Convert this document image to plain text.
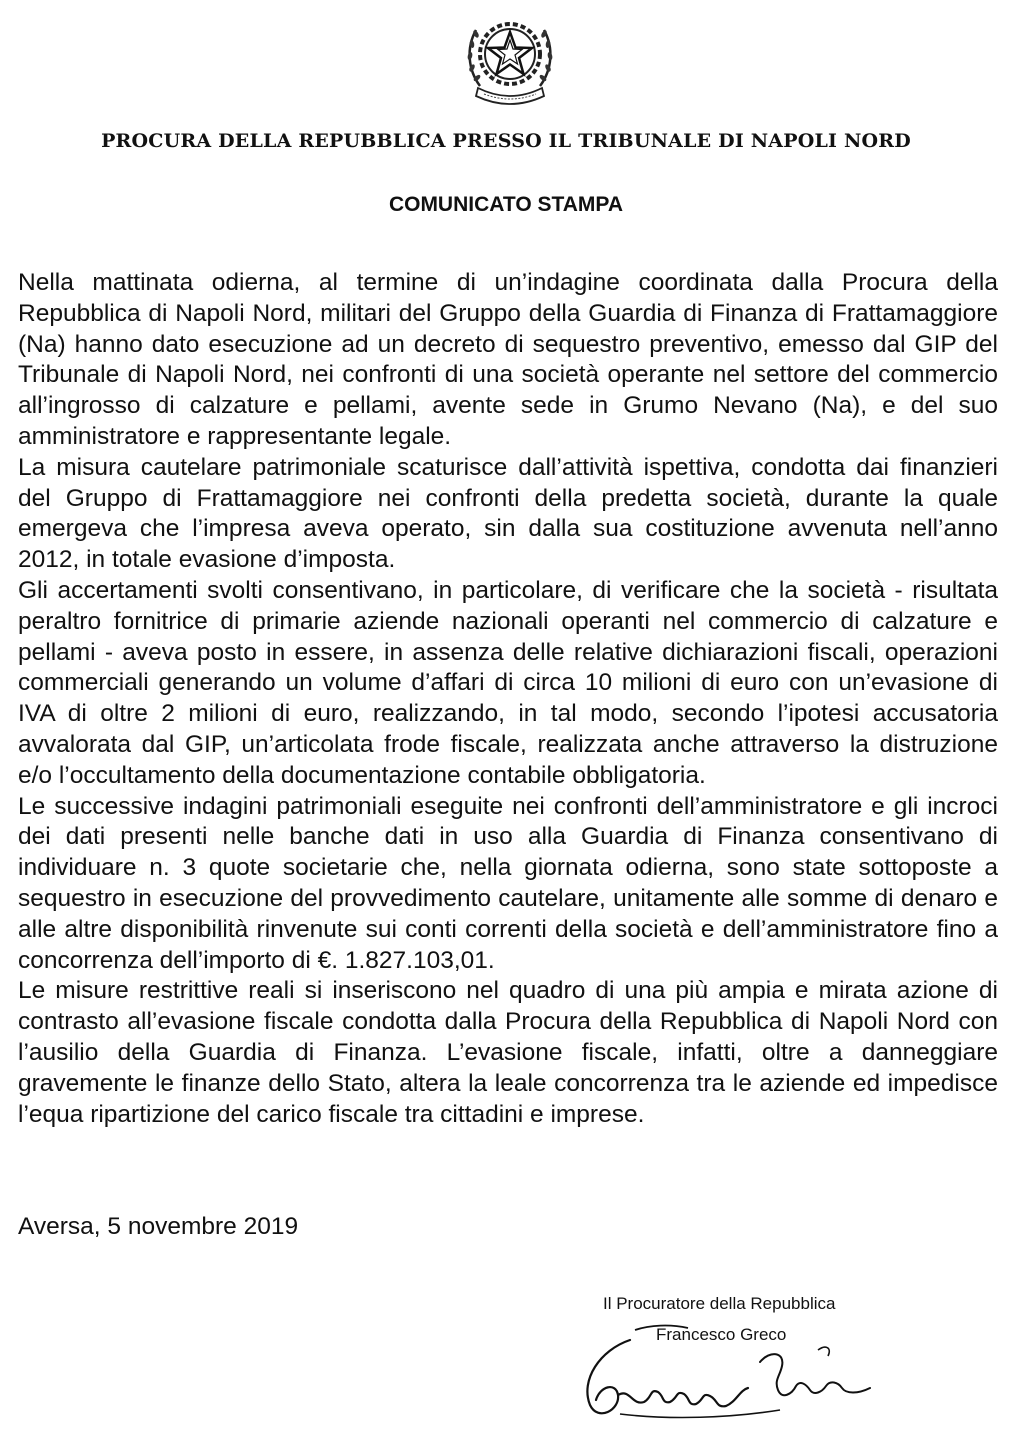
PROCURA DELLA REPUBBLICA PRESSO IL TRIBUNALE DI NAPOLI NORD
COMUNICATO STAMPA

Nella mattinata odierna, al termine di un’indagine coordinata dalla Procura della Repubblica di Napoli Nord, militari del Gruppo della Guardia di Finanza di Frattamaggiore (Na) hanno dato esecuzione ad un decreto di sequestro preventivo, emesso dal GIP del Tribunale di Napoli Nord, nei confronti di una società operante nel settore del commercio all’ingrosso di calzature e pellami, avente sede in Grumo Nevano (Na), e del suo amministratore e rappresentante legale.

La misura cautelare patrimoniale scaturisce dall’attività ispettiva, condotta dai finanzieri del Gruppo di Frattamaggiore nei confronti della predetta società, durante la quale emergeva che l’impresa aveva operato, sin dalla sua costituzione avvenuta nell’anno 2012, in totale evasione d’imposta.

Gli accertamenti svolti consentivano, in particolare, di verificare che la società - risultata peraltro fornitrice di primarie aziende nazionali operanti nel commercio di calzature e pellami - aveva posto in essere, in assenza delle relative dichiarazioni fiscali, operazioni commerciali generando un volume d’affari di circa 10 milioni di euro con un’evasione di IVA di oltre 2 milioni di euro, realizzando, in tal modo, secondo l’ipotesi accusatoria avvalorata dal GIP, un’articolata frode fiscale, realizzata anche attraverso la distruzione e/o l’occultamento della documentazione contabile obbligatoria.

Le successive indagini patrimoniali eseguite nei confronti dell’amministratore e gli incroci dei dati presenti nelle banche dati in uso alla Guardia di Finanza consentivano di individuare n. 3 quote societarie che, nella giornata odierna, sono state sottoposte a sequestro in esecuzione del provvedimento cautelare, unitamente alle somme di denaro e alle altre disponibilità rinvenute sui conti correnti della società e dell’amministratore fino a concorrenza dell’importo di €. 1.827.103,01.

Le misure restrittive reali si inseriscono nel quadro di una più ampia e mirata azione di contrasto all’evasione fiscale condotta dalla Procura della Repubblica di Napoli Nord con l’ausilio della Guardia di Finanza. L’evasione fiscale, infatti, oltre a danneggiare gravemente le finanze dello Stato, altera la leale concorrenza tra le aziende ed impedisce l’equa ripartizione del carico fiscale tra cittadini e imprese.

Aversa, 5 novembre 2019
Il Procuratore della Repubblica
Francesco Greco
